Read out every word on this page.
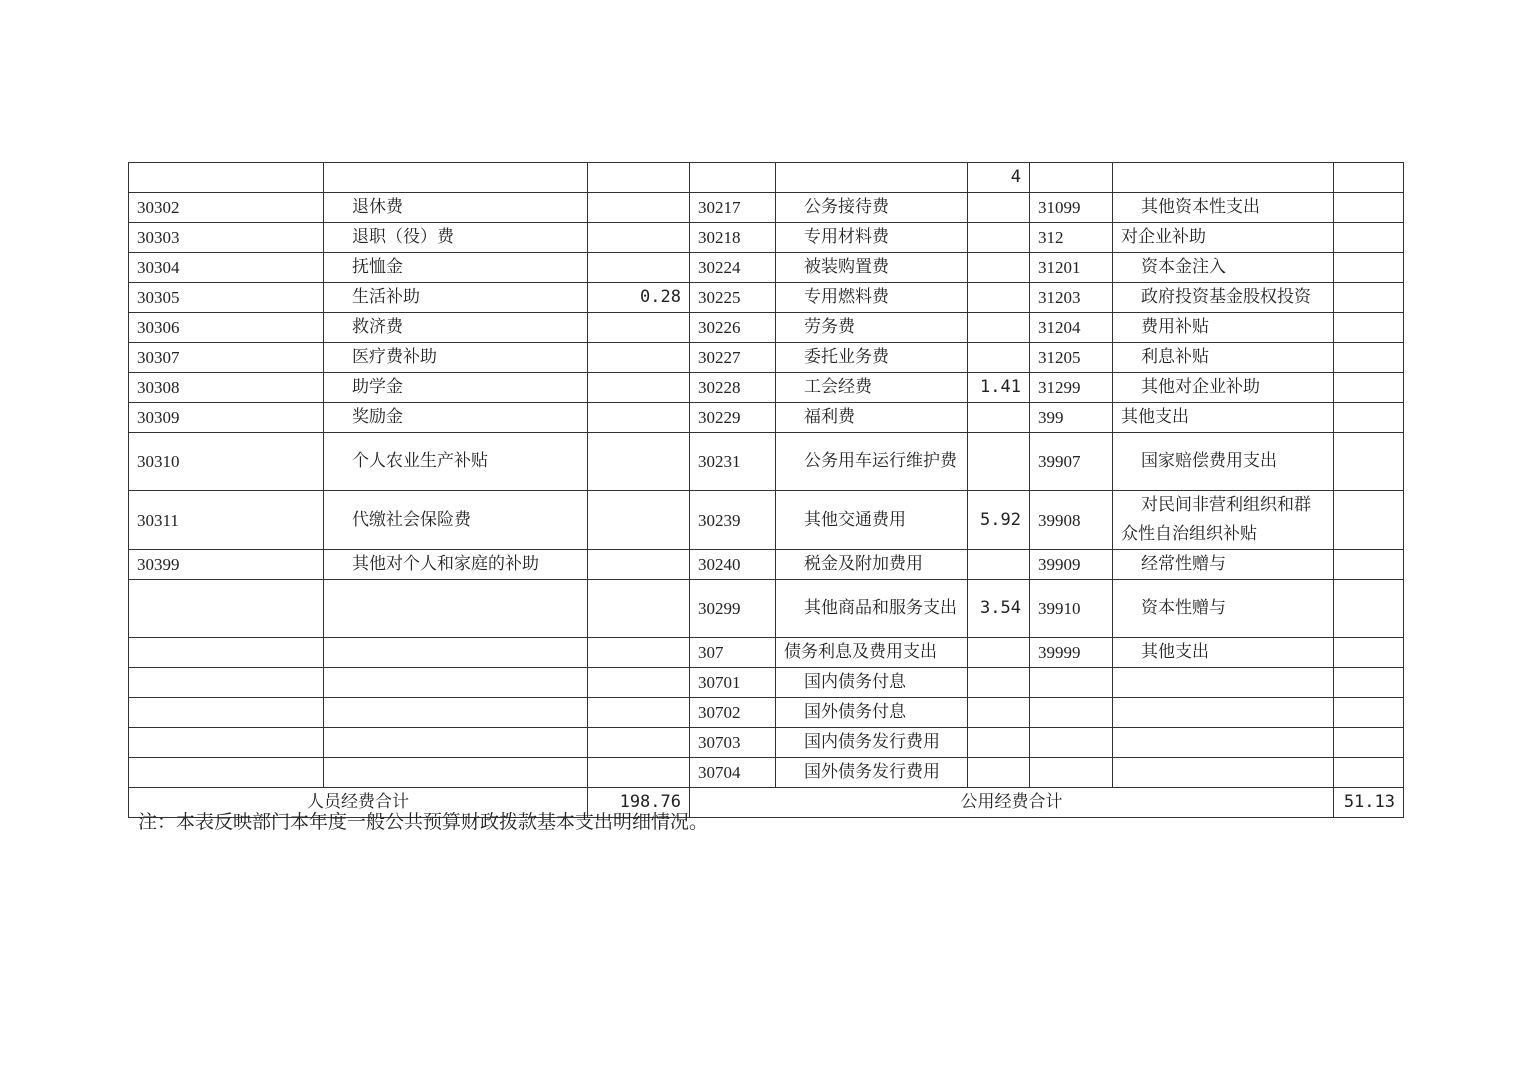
					4			
30302	退休费		30217	公务接待费		31099	其他资本性支出	
30303	退职（役）费		30218	专用材料费		312	对企业补助	
30304	抚恤金		30224	被装购置费		31201	资本金注入	
30305	生活补助	0.28	30225	专用燃料费		31203	政府投资基金股权投资	
30306	救济费		30226	劳务费		31204	费用补贴	
30307	医疗费补助		30227	委托业务费		31205	利息补贴	
30308	助学金		30228	工会经费	1.41	31299	其他对企业补助	
30309	奖励金		30229	福利费		399	其他支出	
30310	个人农业生产补贴		30231	公务用车运行维护费		39907	国家赔偿费用支出	
30311	代缴社会保险费		30239	其他交通费用	5.92	39908	对民间非营利组织和群众性自治组织补贴	
30399	其他对个人和家庭的补助		30240	税金及附加费用		39909	经常性赠与	
			30299	其他商品和服务支出	3.54	39910	资本性赠与	
			307	债务利息及费用支出		39999	其他支出	
			30701	国内债务付息				
			30702	国外债务付息				
			30703	国内债务发行费用				
			30704	国外债务发行费用				
人员经费合计		198.76	公用经费合计					51.13
注：本表反映部门本年度一般公共预算财政拨款基本支出明细情况。
